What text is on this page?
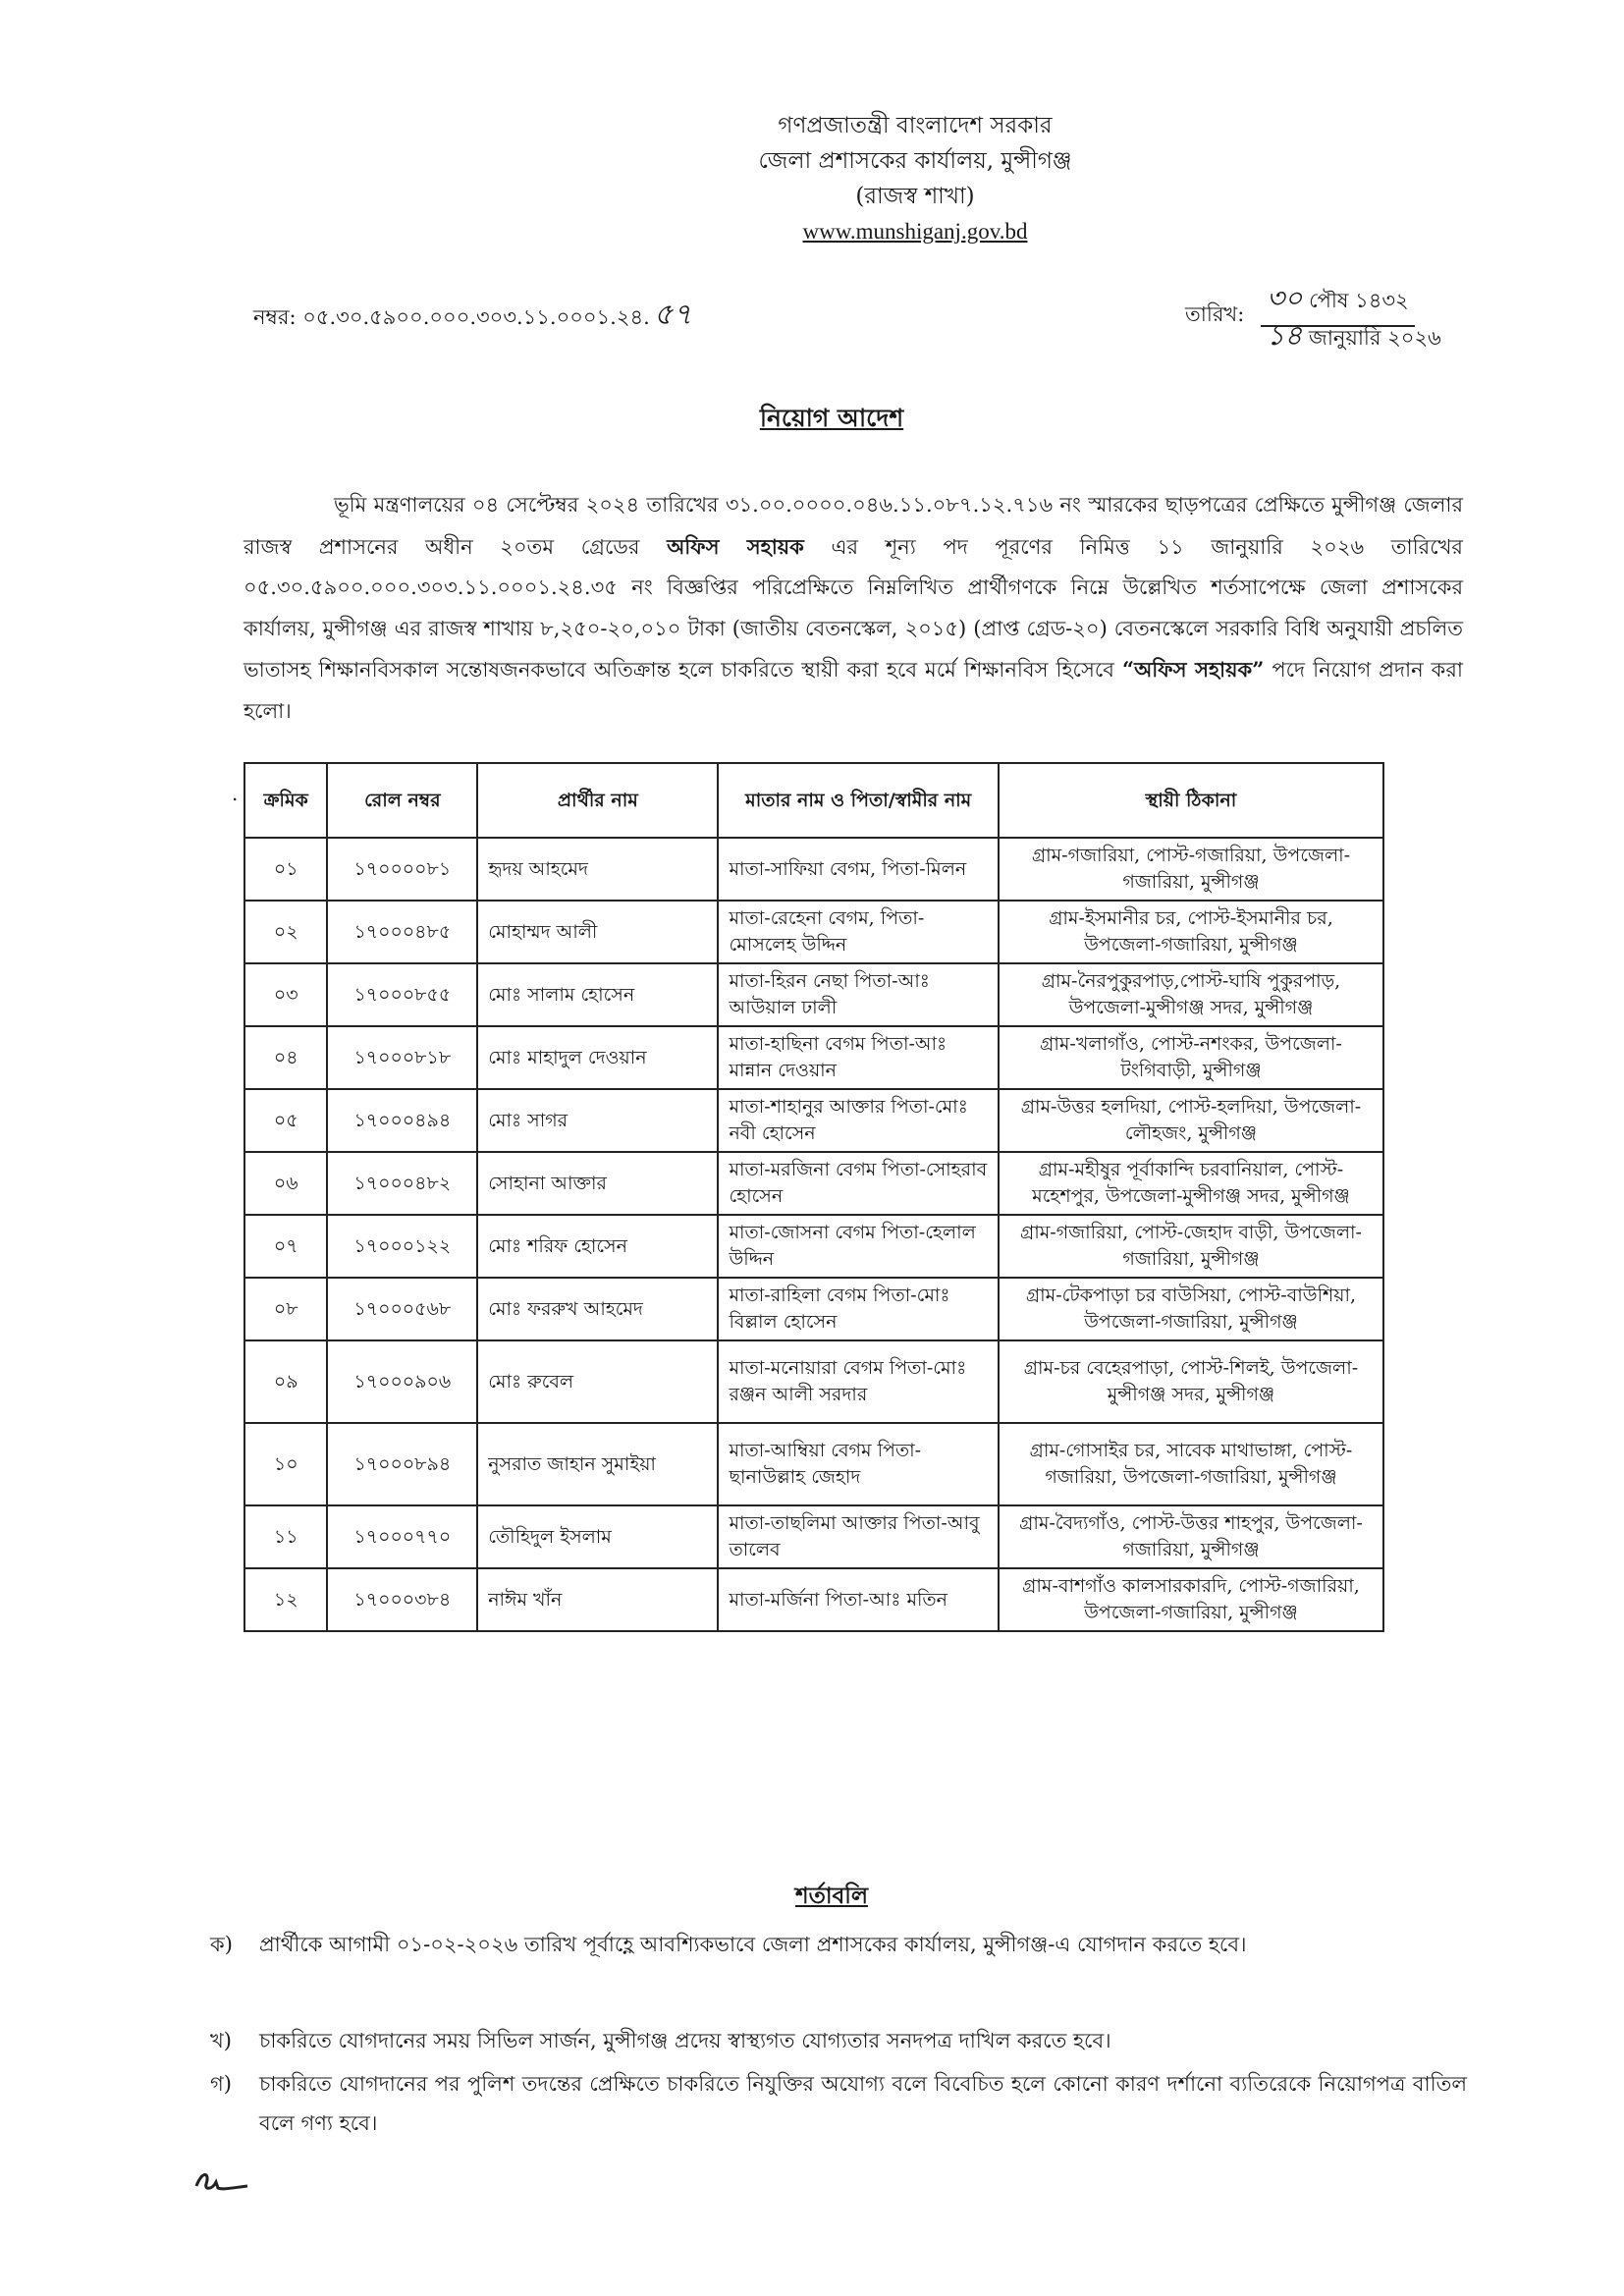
গণপ্রজাতন্ত্রী বাংলাদেশ সরকার
জেলা প্রশাসকের কার্যালয়, মুন্সীগঞ্জ
(রাজস্ব শাখা)
www.munshiganj.gov.bd
নম্বর: ০৫.৩০.৫৯০০.০০০.৩০৩.১১.০০০১.২৪. ৫৭	তারিখ: ৩০ পৌষ ১৪৩২
১৪ জানুয়ারি ২০২৬
নিয়োগ আদেশ
ভূমি মন্ত্রণালয়ের ০৪ সেপ্টেম্বর ২০২৪ তারিখের ৩১.০০.০০০০.০৪৬.১১.০৮৭.১২.৭১৬ নং স্মারকের ছাড়পত্রের প্রেক্ষিতে মুন্সীগঞ্জ জেলার রাজস্ব প্রশাসনের অধীন ২০তম গ্রেডের অফিস সহায়ক এর শূন্য পদ পূরণের নিমিত্ত ১১ জানুয়ারি ২০২৬ তারিখের ০৫.৩০.৫৯০০.০০০.৩০৩.১১.০০০১.২৪.৩৫ নং বিজ্ঞপ্তির পরিপ্রেক্ষিতে নিম্নলিখিত প্রার্থীগণকে নিম্নে উল্লেখিত শর্তসাপেক্ষে জেলা প্রশাসকের কার্যালয়, মুন্সীগঞ্জ এর রাজস্ব শাখায় ৮,২৫০-২০,০১০ টাকা (জাতীয় বেতনস্কেল, ২০১৫) (প্রাপ্ত গ্রেড-২০) বেতনস্কেলে সরকারি বিধি অনুযায়ী প্রচলিত ভাতাসহ শিক্ষানবিসকাল সন্তোষজনকভাবে অতিক্রান্ত হলে চাকরিতে স্থায়ী করা হবে মর্মে শিক্ষানবিস হিসেবে “অফিস সহায়ক” পদে নিয়োগ প্রদান করা হলো।
. ক্রমিক	রোল নম্বর	প্রার্থীর নাম	মাতার নাম ও পিতা/স্বামীর নাম	স্থায়ী ঠিকানা
০১	১৭০০০০৮১	হৃদয় আহমেদ	মাতা-সাফিয়া বেগম, পিতা-মিলন	গ্রাম-গজারিয়া, পোস্ট-গজারিয়া, উপজেলা-গজারিয়া, মুন্সীগঞ্জ
০২	১৭০০০৪৮৫	মোহাম্মদ আলী	মাতা-রেহেনা বেগম, পিতা-মোসলেহ উদ্দিন	গ্রাম-ইসমানীর চর, পোস্ট-ইসমানীর চর, উপজেলা-গজারিয়া, মুন্সীগঞ্জ
০৩	১৭০০০৮৫৫	মোঃ সালাম হোসেন	মাতা-হিরন নেছা পিতা-আঃ আউয়াল ঢালী	গ্রাম-নৈরপুকুরপাড়,পোস্ট-ঘাষি পুকুরপাড়, উপজেলা-মুন্সীগঞ্জ সদর, মুন্সীগঞ্জ
০৪	১৭০০০৮১৮	মোঃ মাহাদুল দেওয়ান	মাতা-হাছিনা বেগম পিতা-আঃ মান্নান দেওয়ান	গ্রাম-খলাগাঁও, পোস্ট-নশংকর, উপজেলা-টংগিবাড়ী, মুন্সীগঞ্জ
০৫	১৭০০০৪৯৪	মোঃ সাগর	মাতা-শাহানুর আক্তার পিতা-মোঃ নবী হোসেন	গ্রাম-উত্তর হলদিয়া, পোস্ট-হলদিয়া, উপজেলা-লৌহজং, মুন্সীগঞ্জ
০৬	১৭০০০৪৮২	সোহানা আক্তার	মাতা-মরজিনা বেগম পিতা-সোহরাব হোসেন	গ্রাম-মহীষুর পূর্বাকান্দি চরবানিয়াল, পোস্ট-মহেশপুর, উপজেলা-মুন্সীগঞ্জ সদর, মুন্সীগঞ্জ
০৭	১৭০০০১২২	মোঃ শরিফ হোসেন	মাতা-জোসনা বেগম পিতা-হেলাল উদ্দিন	গ্রাম-গজারিয়া, পোস্ট-জেহাদ বাড়ী, উপজেলা-গজারিয়া, মুন্সীগঞ্জ
০৮	১৭০০০৫৬৮	মোঃ ফররুখ আহমেদ	মাতা-রাহিলা বেগম পিতা-মোঃ বিল্লাল হোসেন	গ্রাম-টেকপাড়া চর বাউসিয়া, পোস্ট-বাউশিয়া, উপজেলা-গজারিয়া, মুন্সীগঞ্জ
০৯	১৭০০০৯০৬	মোঃ রুবেল	মাতা-মনোয়ারা বেগম পিতা-মোঃ রঞ্জন আলী সরদার	গ্রাম-চর বেহেরপাড়া, পোস্ট-শিলই, উপজেলা-মুন্সীগঞ্জ সদর, মুন্সীগঞ্জ
১০	১৭০০০৮৯৪	নুসরাত জাহান সুমাইয়া	মাতা-আম্বিয়া বেগম পিতা-ছানাউল্লাহ জেহাদ	গ্রাম-গোসাইর চর, সাবেক মাথাভাঙ্গা, পোস্ট-গজারিয়া, উপজেলা-গজারিয়া, মুন্সীগঞ্জ
১১	১৭০০০৭৭০	তৌহিদুল ইসলাম	মাতা-তাছলিমা আক্তার পিতা-আবু তালেব	গ্রাম-বৈদ্যগাঁও, পোস্ট-উত্তর শাহপুর, উপজেলা-গজারিয়া, মুন্সীগঞ্জ
১২	১৭০০০৩৮৪	নাঈম খাঁন	মাতা-মর্জিনা পিতা-আঃ মতিন	গ্রাম-বাশগাঁও কালসারকারদি, পোস্ট-গজারিয়া, উপজেলা-গজারিয়া, মুন্সীগঞ্জ
শর্তাবলি
ক)	প্রার্থীকে আগামী ০১-০২-২০২৬ তারিখ পূর্বাহ্ণে আবশ্যিকভাবে জেলা প্রশাসকের কার্যালয়, মুন্সীগঞ্জ-এ যোগদান করতে হবে।
খ)	চাকরিতে যোগদানের সময় সিভিল সার্জন, মুন্সীগঞ্জ প্রদেয় স্বাস্থ্যগত যোগ্যতার সনদপত্র দাখিল করতে হবে।
গ)	চাকরিতে যোগদানের পর পুলিশ তদন্তের প্রেক্ষিতে চাকরিতে নিযুক্তির অযোগ্য বলে বিবেচিত হলে কোনো কারণ দর্শানো ব্যতিরেকে নিয়োগপত্র বাতিল বলে গণ্য হবে।
